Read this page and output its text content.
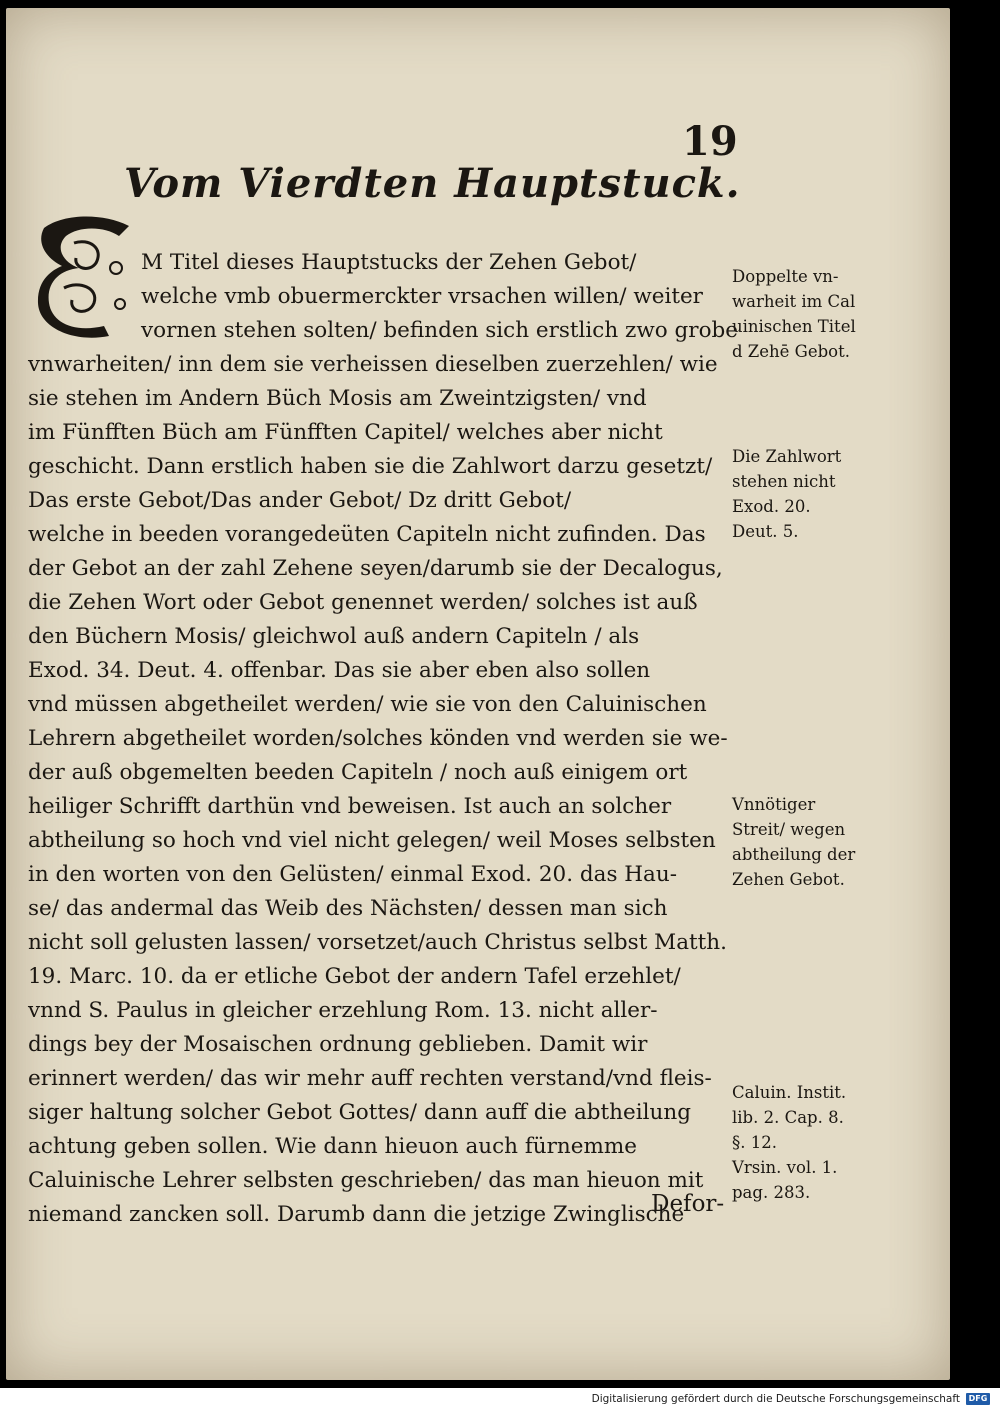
19
Vom Vierdten Hauptstuck.
M Titel dieses Hauptstucks der Zehen Gebot/
welche vmb obuermerckter vrsachen willen/ weiter
vornen stehen solten/ befinden sich erstlich zwo grobe
vnwarheiten/ inn dem sie verheissen dieselben zuerzehlen/ wie
sie stehen im Andern Büch Mosis am Zweintzigsten/ vnd
im Fünfften Büch am Fünfften Capitel/ welches aber nicht
geschicht. Dann erstlich haben sie die Zahlwort darzu gesetzt/
Das erste Gebot/Das ander Gebot/ Dz dritt Gebot/
welche in beeden vorangedeüten Capiteln nicht zufinden. Das
der Gebot an der zahl Zehene seyen/darumb sie der Decalogus,
die Zehen Wort oder Gebot genennet werden/ solches ist auß
den Büchern Mosis/ gleichwol auß andern Capiteln / als
Exod. 34. Deut. 4. offenbar. Das sie aber eben also sollen
vnd müssen abgetheilet werden/ wie sie von den Caluinischen
Lehrern abgetheilet worden/solches könden vnd werden sie we-
der auß obgemelten beeden Capiteln / noch auß einigem ort
heiliger Schrifft darthün vnd beweisen. Ist auch an solcher
abtheilung so hoch vnd viel nicht gelegen/ weil Moses selbsten
in den worten von den Gelüsten/ einmal Exod. 20. das Hau-
se/ das andermal das Weib des Nächsten/ dessen man sich
nicht soll gelusten lassen/ vorsetzet/auch Christus selbst Matth.
19. Marc. 10. da er etliche Gebot der andern Tafel erzehlet/
vnnd S. Paulus in gleicher erzehlung Rom. 13. nicht aller-
dings bey der Mosaischen ordnung geblieben. Damit wir
erinnert werden/ das wir mehr auff rechten verstand/vnd fleis-
siger haltung solcher Gebot Gottes/ dann auff die abtheilung
achtung geben sollen. Wie dann hieuon auch fürnemme
Caluinische Lehrer selbsten geschrieben/ das man hieuon mit
niemand zancken soll. Darumb dann die jetzige Zwinglische
Doppelte vn-
warheit im Cal
uinischen Titel
d Zehē Gebot.
Die Zahlwort
stehen nicht
Exod. 20.
Deut. 5.
Vnnötiger
Streit/ wegen
abtheilung der
Zehen Gebot.
Caluin. Instit.
lib. 2. Cap. 8.
§. 12.
Vrsin. vol. 1.
pag. 283.
Defor-
Digitalisierung gefördert durch die Deutsche Forschungsgemeinschaft	DFG
